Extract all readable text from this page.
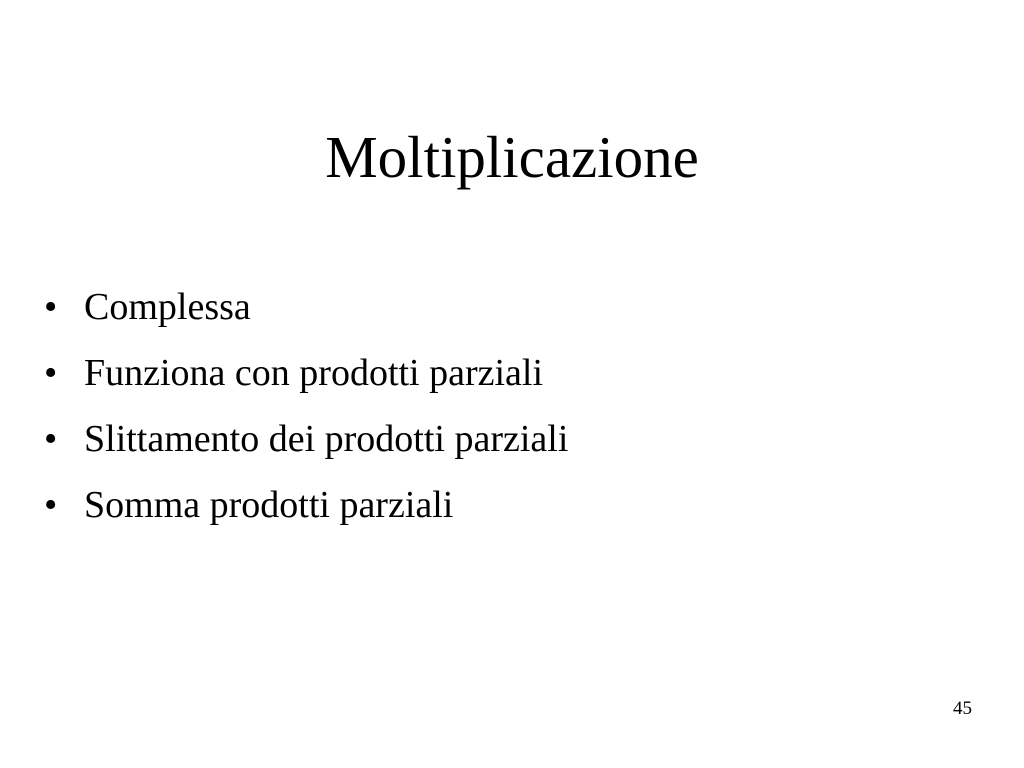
Moltiplicazione
• Complessa
• Funziona con prodotti parziali
• Slittamento dei prodotti parziali
• Somma prodotti parziali
45
